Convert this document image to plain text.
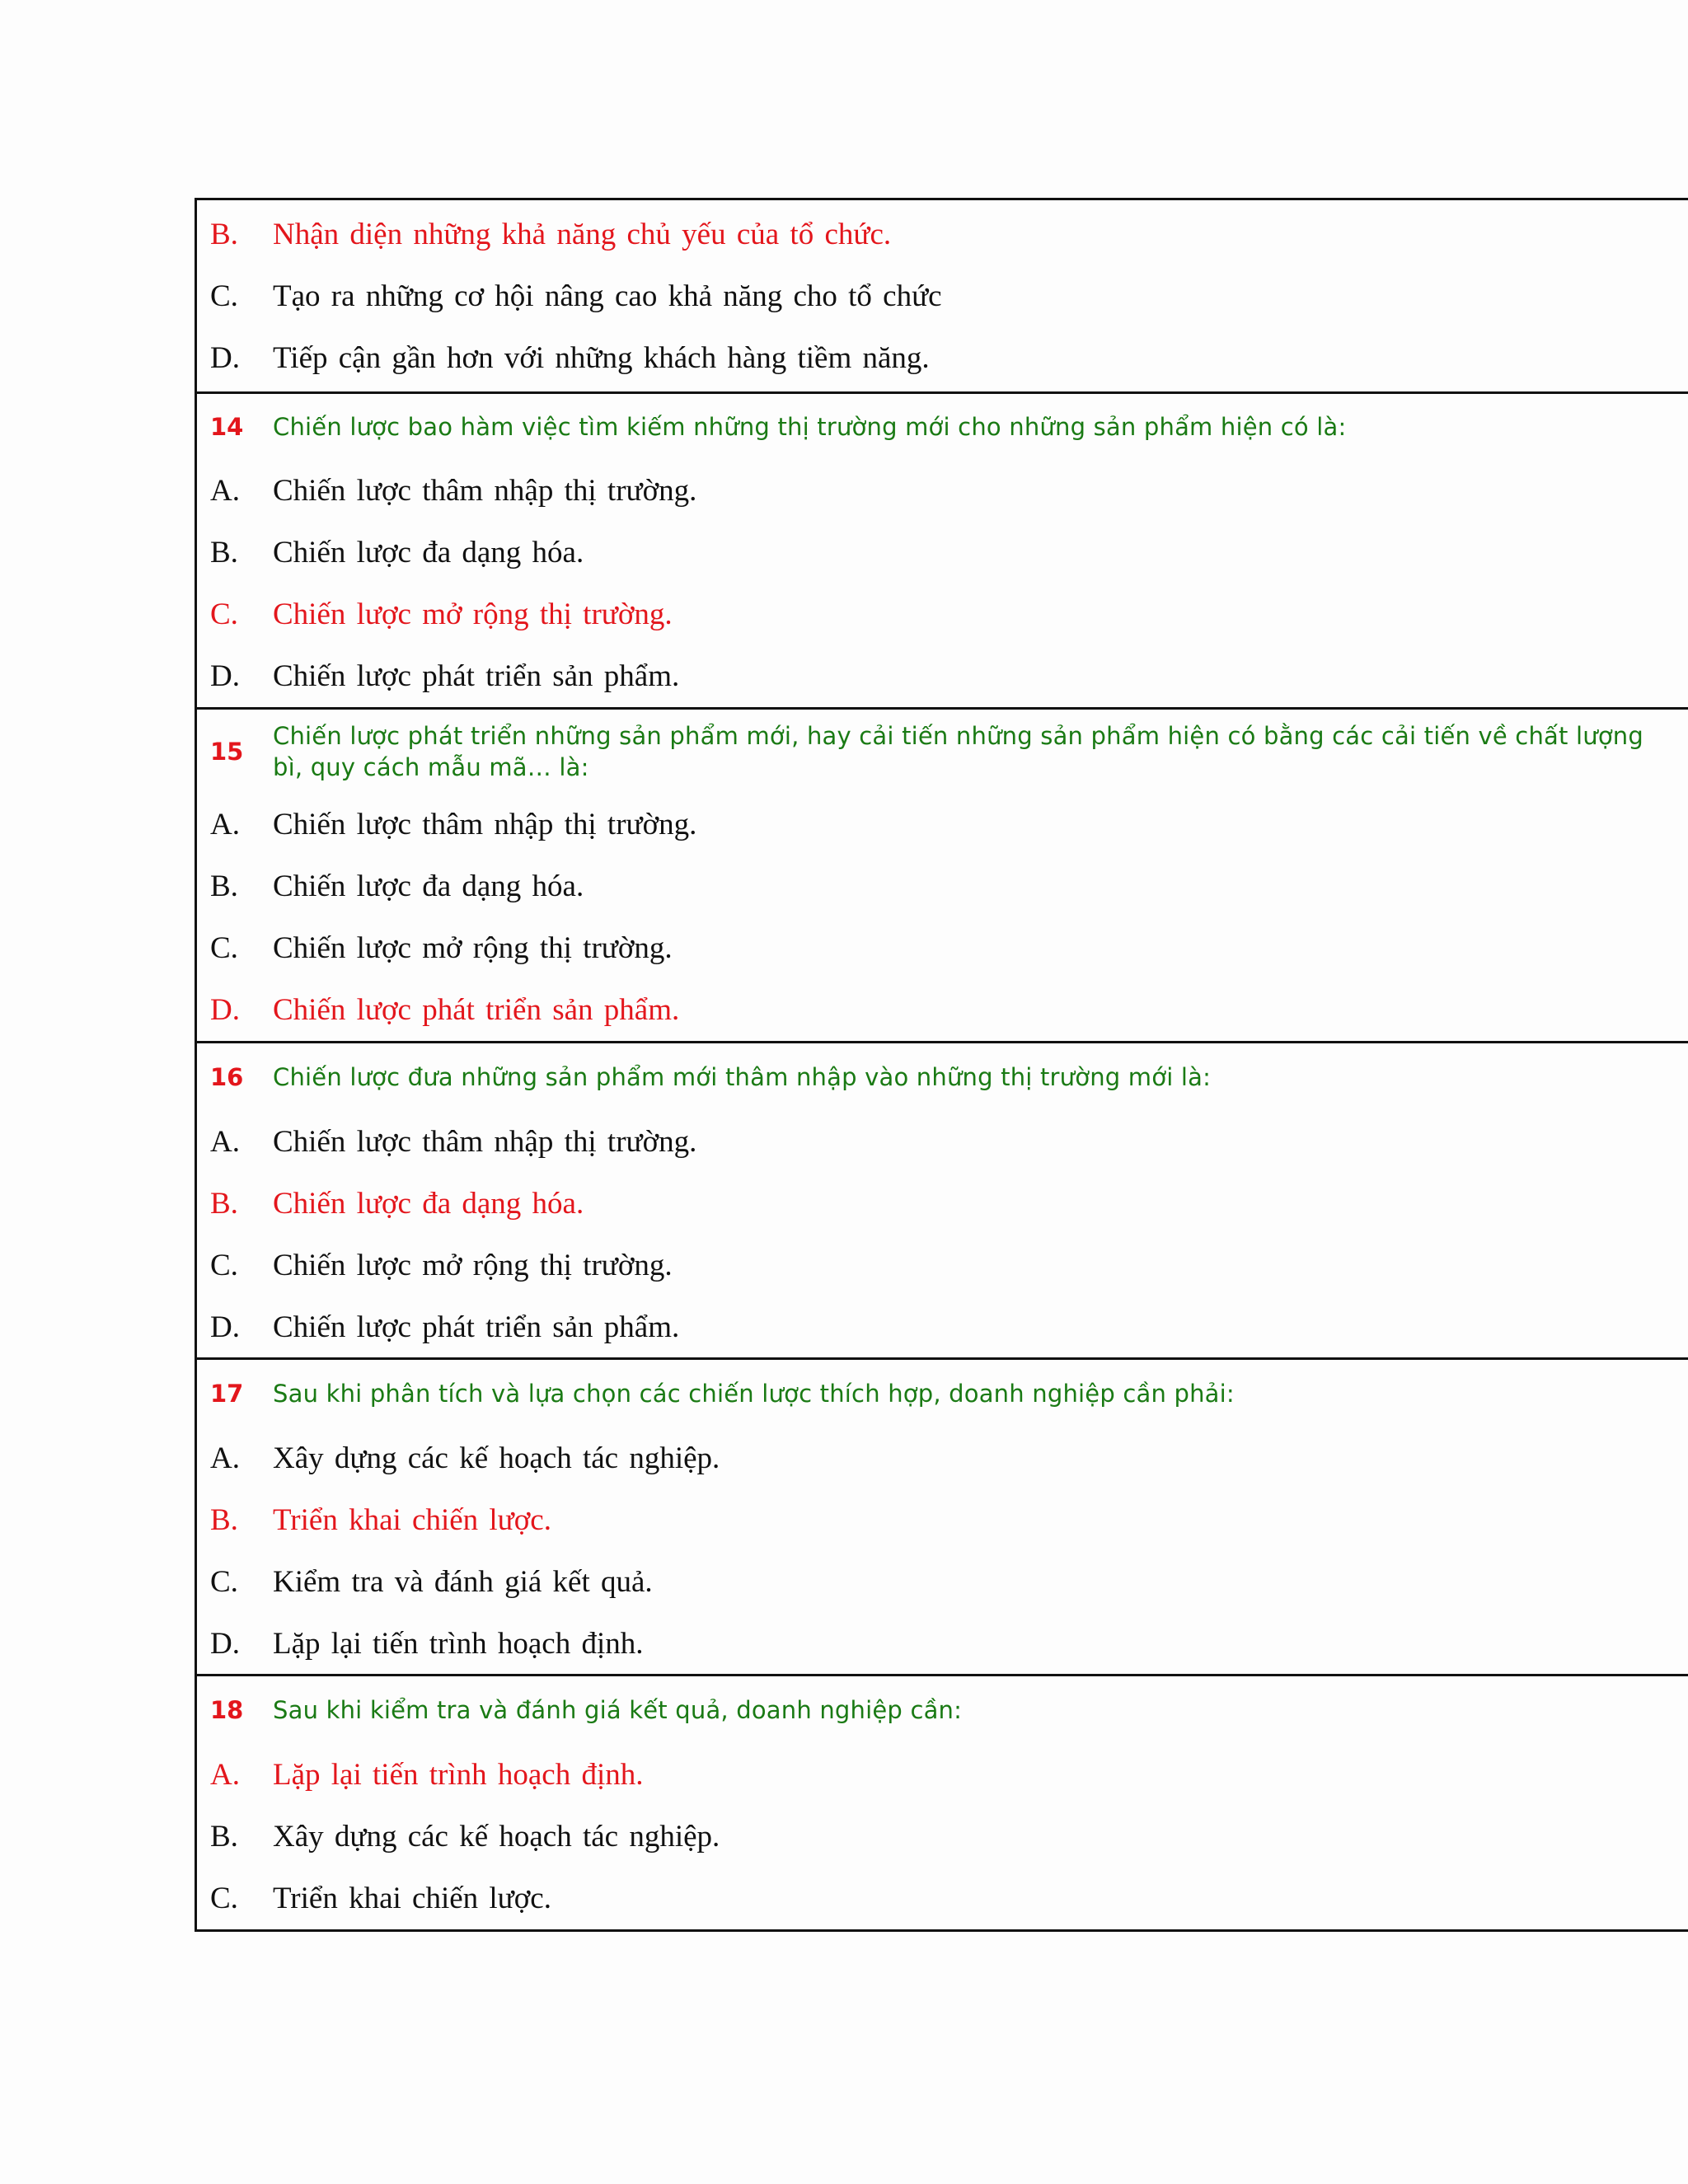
B.	Nhận diện những khả năng chủ yếu của tổ chức.
C.	Tạo ra những cơ hội nâng cao khả năng cho tổ chức
D.	Tiếp cận gần hơn với những khách hàng tiềm năng.
14 Chiến lược bao hàm việc tìm kiếm những thị trường mới cho những sản phẩm hiện có là:
A.	Chiến lược thâm nhập thị trường.
B.	Chiến lược đa dạng hóa.
C.	Chiến lược mở rộng thị trường.
D.	Chiến lược phát triển sản phẩm.
15
Chiến lược phát triển những sản phẩm mới, hay cải tiến những sản phẩm hiện có bằng các cải tiến về chất lượng
bì, quy cách mẫu mã… là:
A.	Chiến lược thâm nhập thị trường.
B.	Chiến lược đa dạng hóa.
C.	Chiến lược mở rộng thị trường.
D.	Chiến lược phát triển sản phẩm.
16 Chiến lược đưa những sản phẩm mới thâm nhập vào những thị trường mới là:
A.	Chiến lược thâm nhập thị trường.
B.	Chiến lược đa dạng hóa.
C.	Chiến lược mở rộng thị trường.
D.	Chiến lược phát triển sản phẩm.
17 Sau khi phân tích và lựa chọn các chiến lược thích hợp, doanh nghiệp cần phải:
A.	Xây dựng các kế hoạch tác nghiệp.
B.	Triển khai chiến lược.
C.	Kiểm tra và đánh giá kết quả.
D.	Lặp lại tiến trình hoạch định.
18 Sau khi kiểm tra và đánh giá kết quả, doanh nghiệp cần:
A.	Lặp lại tiến trình hoạch định.
B.	Xây dựng các kế hoạch tác nghiệp.
C.	Triển khai chiến lược.
